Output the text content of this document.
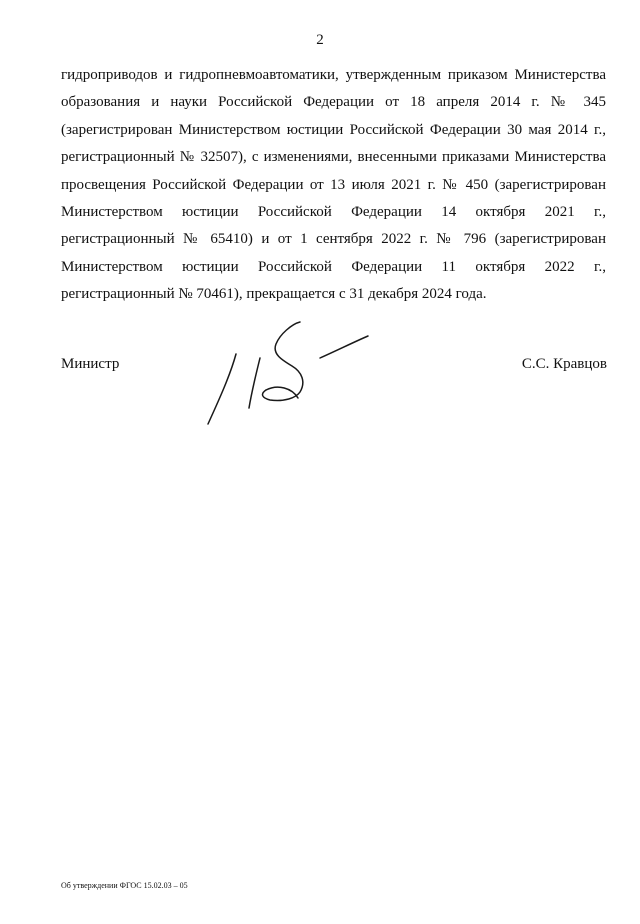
2
гидроприводов и гидропневмоавтоматики, утвержденным приказом Министерства
образования и науки Российской Федерации от 18 апреля 2014 г. № 345
(зарегистрирован Министерством юстиции Российской Федерации 30 мая 2014 г.,
регистрационный № 32507), с изменениями, внесенными приказами Министерства
просвещения Российской Федерации от 13 июля 2021 г. № 450 (зарегистрирован
Министерством юстиции Российской Федерации 14 октября 2021 г.,
регистрационный № 65410) и от 1 сентября 2022 г. № 796 (зарегистрирован
Министерством юстиции Российской Федерации 11 октября 2022 г.,
регистрационный № 70461), прекращается с 31 декабря 2024 года.
Министр	С.С. Кравцов
Об утверждении ФГОС 15.02.03 – 05
